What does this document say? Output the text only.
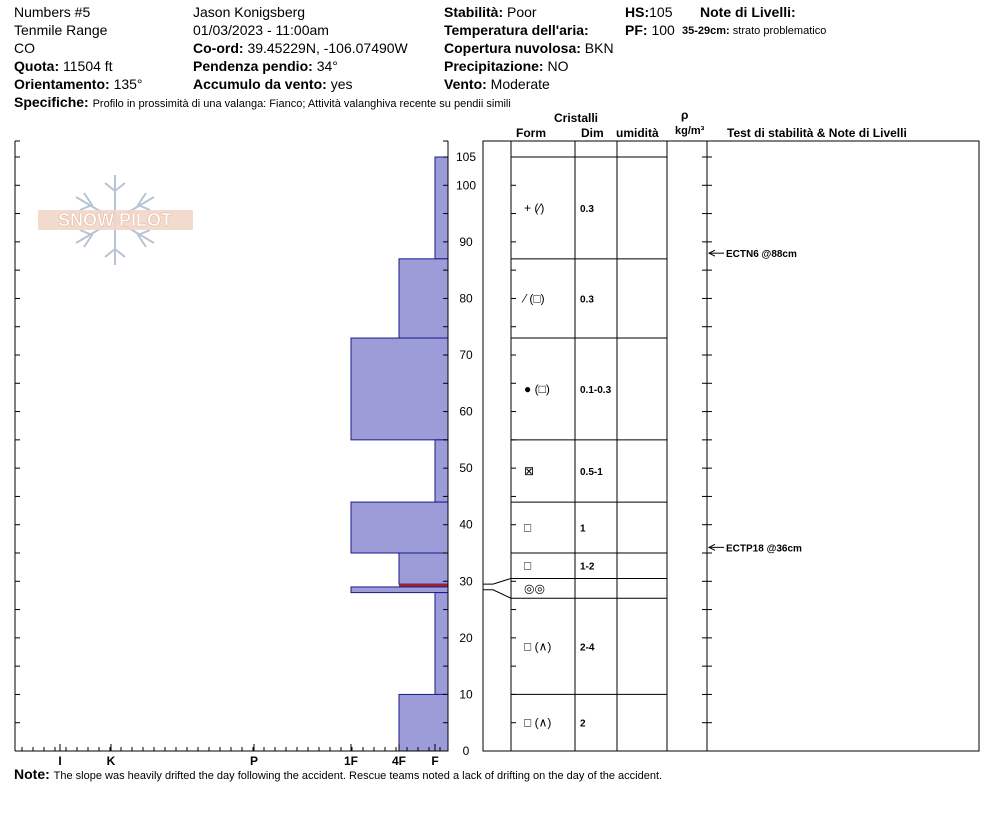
Numbers #5
Tenmile Range
CO
Quota: 11504 ft
Orientamento: 135°
Jason Konigsberg
01/03/2023 - 11:00am
Co-ord: 39.45229N, -106.07490W
Pendenza pendio: 34°
Accumulo da vento: yes
Stabilità: Poor
Temperatura dell'aria:
Copertura nuvolosa: BKN
Precipitazione: NO
Vento: Moderate
HS:105
PF: 100
Note di Livelli:
35-29cm: strato problematico
Specifiche: Profilo in prossimità di una valanga: Fianco; Attività valanghiva recente su pendii simili
Cristalli
Form	Dim umidità
ρ
kg/m³ Test di stabilità & Note di Livelli
SNOW PILOT
0
10
20
30
40
50
60
70
80
90
100
105
I	K	P	1F	4F F
+ (⁄)	0.3
⁄ (□)	0.3
● (□)	0.1-0.3
⊠	0.5-1
□	1
□	1-2
◎◎
□ (∧)	2-4
□ (∧)	2
ECTN6 @88cm
ECTP18 @36cm
Note: The slope was heavily drifted the day following the accident. Rescue teams noted a lack of drifting on the day of the accident.
